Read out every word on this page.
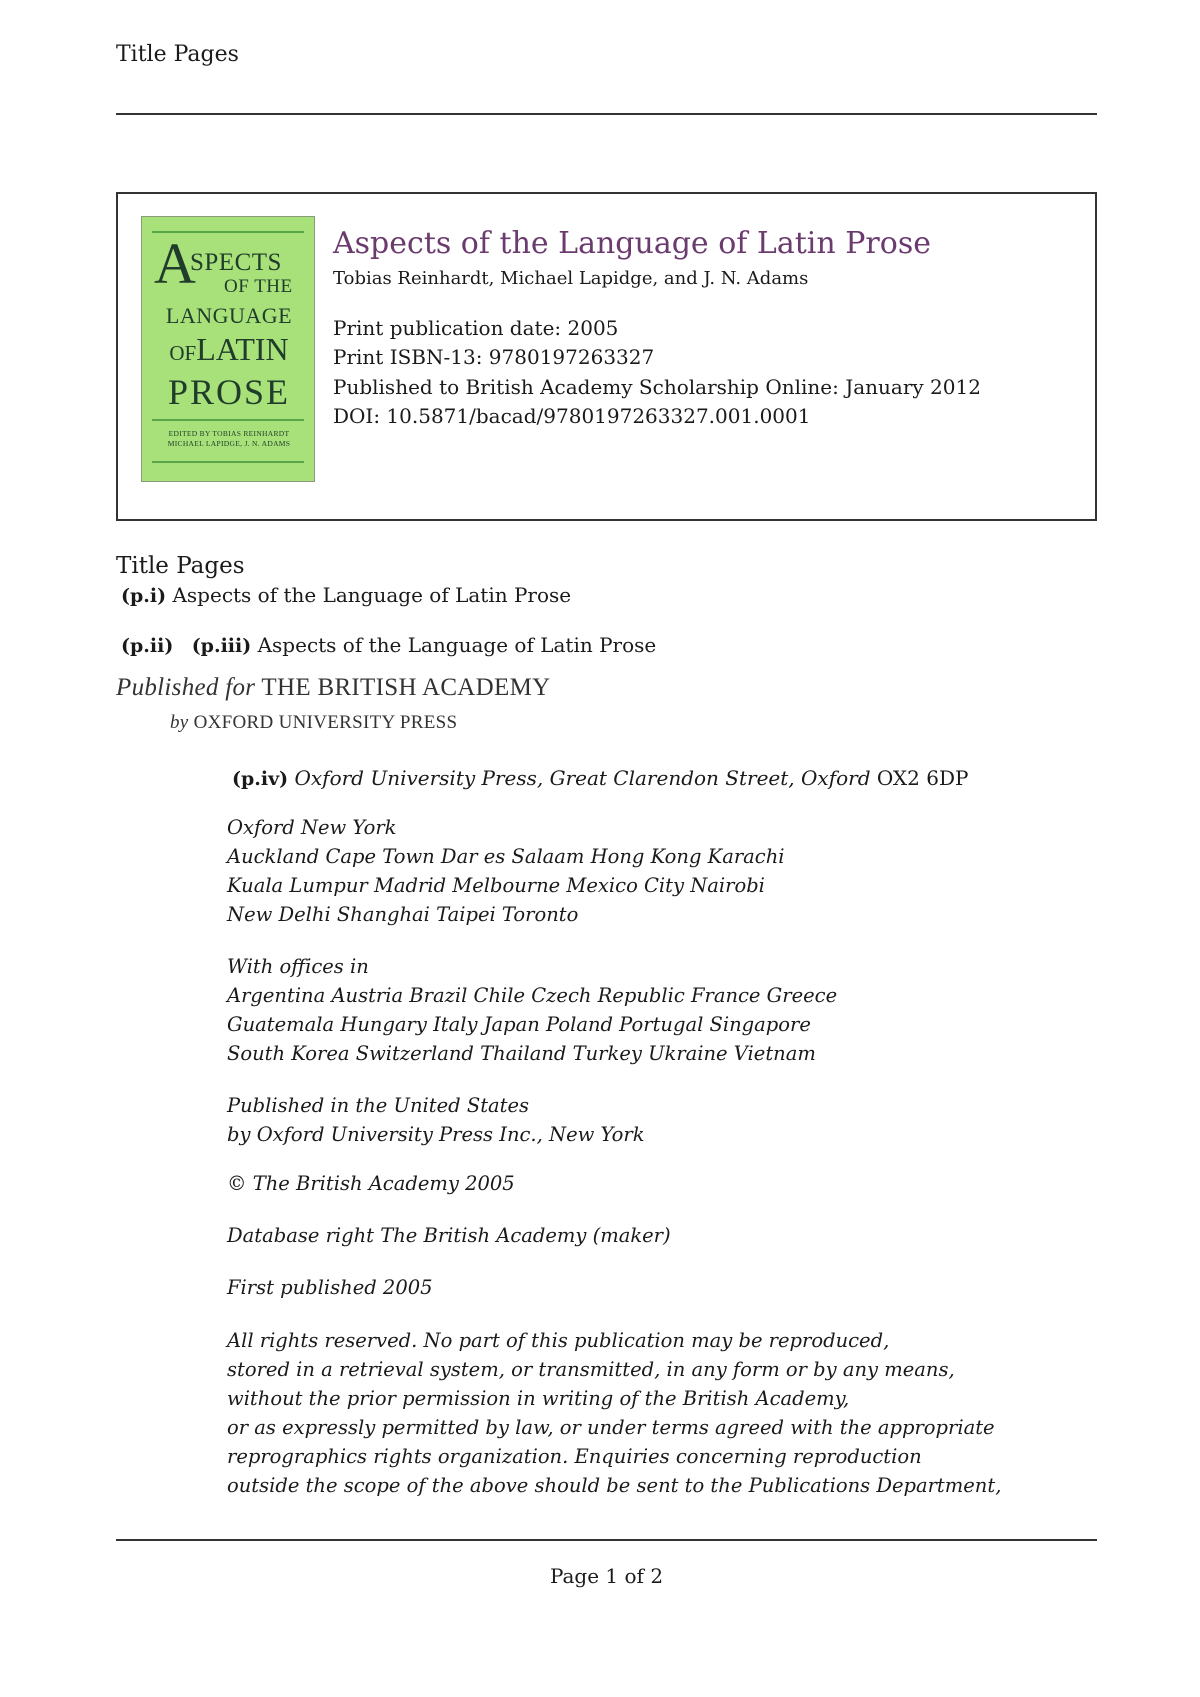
Title Pages
A
SPECTS
OF THE
LANGUAGE
OFLATIN
PROSE
EDITED BY TOBIAS REINHARDT
MICHAEL LAPIDGE, J. N. ADAMS
Aspects of the Language of Latin Prose
Tobias Reinhardt, Michael Lapidge, and J. N. Adams
Print publication date: 2005
Print ISBN-13: 9780197263327
Published to British Academy Scholarship Online: January 2012
DOI: 10.5871/bacad/9780197263327.001.0001
Title Pages
(p.i) Aspects of the Language of Latin Prose
(p.ii) (p.iii) Aspects of the Language of Latin Prose
Published for THE BRITISH ACADEMY
by OXFORD UNIVERSITY PRESS
(p.iv) Oxford University Press, Great Clarendon Street, Oxford OX2 6DP
Oxford New York
Auckland Cape Town Dar es Salaam Hong Kong Karachi
Kuala Lumpur Madrid Melbourne Mexico City Nairobi
New Delhi Shanghai Taipei Toronto
With offices in
Argentina Austria Brazil Chile Czech Republic France Greece
Guatemala Hungary Italy Japan Poland Portugal Singapore
South Korea Switzerland Thailand Turkey Ukraine Vietnam
Published in the United States
by Oxford University Press Inc., New York
© The British Academy 2005
Database right The British Academy (maker)
First published 2005
All rights reserved. No part of this publication may be reproduced,
stored in a retrieval system, or transmitted, in any form or by any means,
without the prior permission in writing of the British Academy,
or as expressly permitted by law, or under terms agreed with the appropriate
reprographics rights organization. Enquiries concerning reproduction
outside the scope of the above should be sent to the Publications Department,
Page 1 of 2
